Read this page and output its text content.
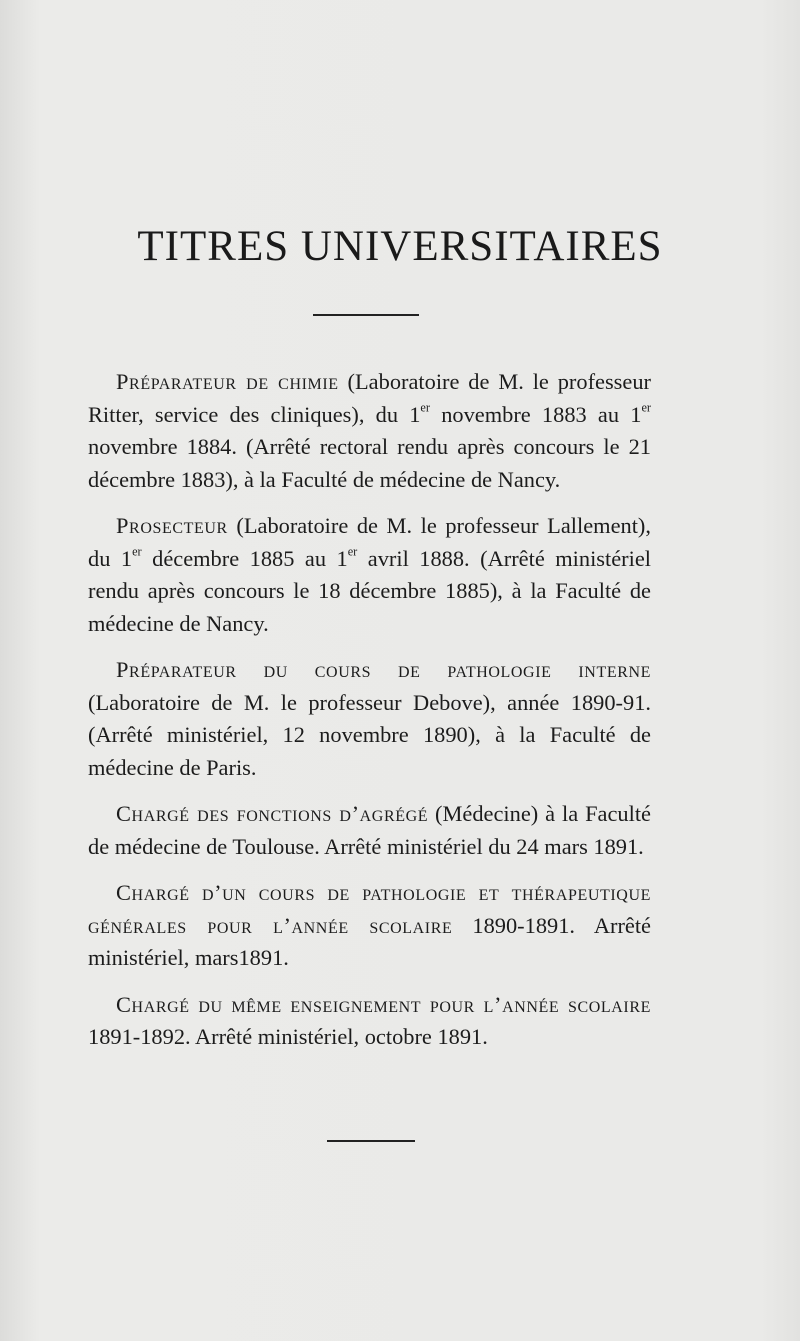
TITRES UNIVERSITAIRES

Préparateur de chimie (Laboratoire de M. le professeur Ritter, service des cliniques), du 1er novembre 1883 au 1er novembre 1884. (Arrêté rectoral rendu après concours le 21 décembre 1883), à la Faculté de médecine de Nancy.

Prosecteur (Laboratoire de M. le professeur Lallement), du 1er décembre 1885 au 1er avril 1888. (Arrêté ministériel rendu après concours le 18 décembre 1885), à la Faculté de médecine de Nancy.

Préparateur du cours de pathologie interne (Laboratoire de M. le professeur Debove), année 1890-91. (Arrêté ministériel, 12 novembre 1890), à la Faculté de médecine de Paris.

Chargé des fonctions d’agrégé (Médecine) à la Faculté de médecine de Toulouse. Arrêté ministériel du 24 mars 1891.

Chargé d’un cours de pathologie et thérapeutique générales pour l’année scolaire 1890-1891. Arrêté ministériel, mars1891.

Chargé du même enseignement pour l’année scolaire 1891-1892. Arrêté ministériel, octobre 1891.
